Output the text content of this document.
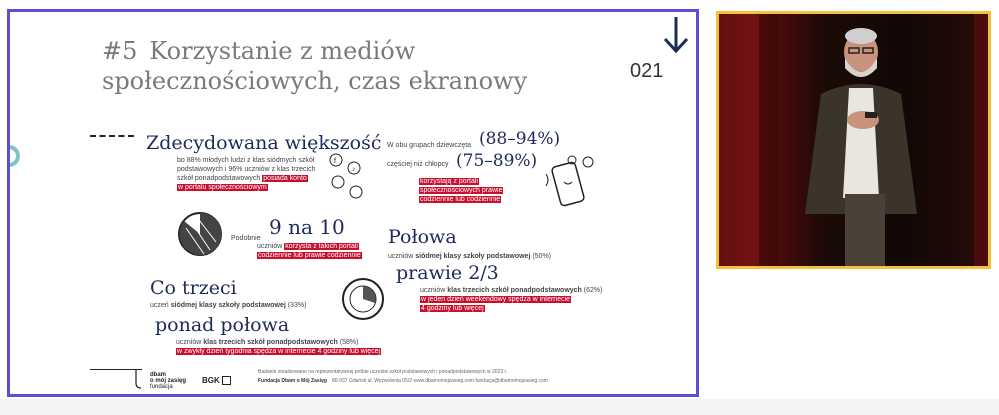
#5 Korzystanie z mediów
społecznościowych, czas ekranowy	021
Zdecydowana większość
bo 88% młodych ludzi z klas siódmych szkół
podstawowych i 96% uczniów z klas trzecich
szkół ponadpodstawowych posiada konto
w portalu społecznościowym
f
♪
W obu grupach dziewczęta (88–94%)
częściej niż chłopcy (75–89%)
korzystają z portali
społecznościowych prawie
codziennie lub codziennie
Podobnie 9 na 10
uczniów korzysta z takich portali
codziennie lub prawie codziennie
Połowa
uczniów siódmej klasy szkoły podstawowej (50%)
prawie 2/3
uczniów klas trzecich szkół ponadpodstawowych (62%)
w jeden dzień weekendowy spędza w internecie
4 godziny lub więcej
Co trzeci
uczeń siódmej klasy szkoły podstawowej (33%)
ponad połowa
uczniów klas trzecich szkół ponadpodstawowych (58%)
w zwykły dzień tygodnia spędza w internecie 4 godziny lub więcej
dbam
o mój zasięg
fundacja
BGK
Badanie zrealizowane na reprezentatywnej próbie uczniów szkół podstawowych i ponadpodstawowych w 2023 r.
Fundacja Dbam o Mój Zasięg 80-937 Gdańsk ul. Wyzwolenia 05/2 www.dbamomojzasieg.com fundacja@dbamomojzasieg.com
